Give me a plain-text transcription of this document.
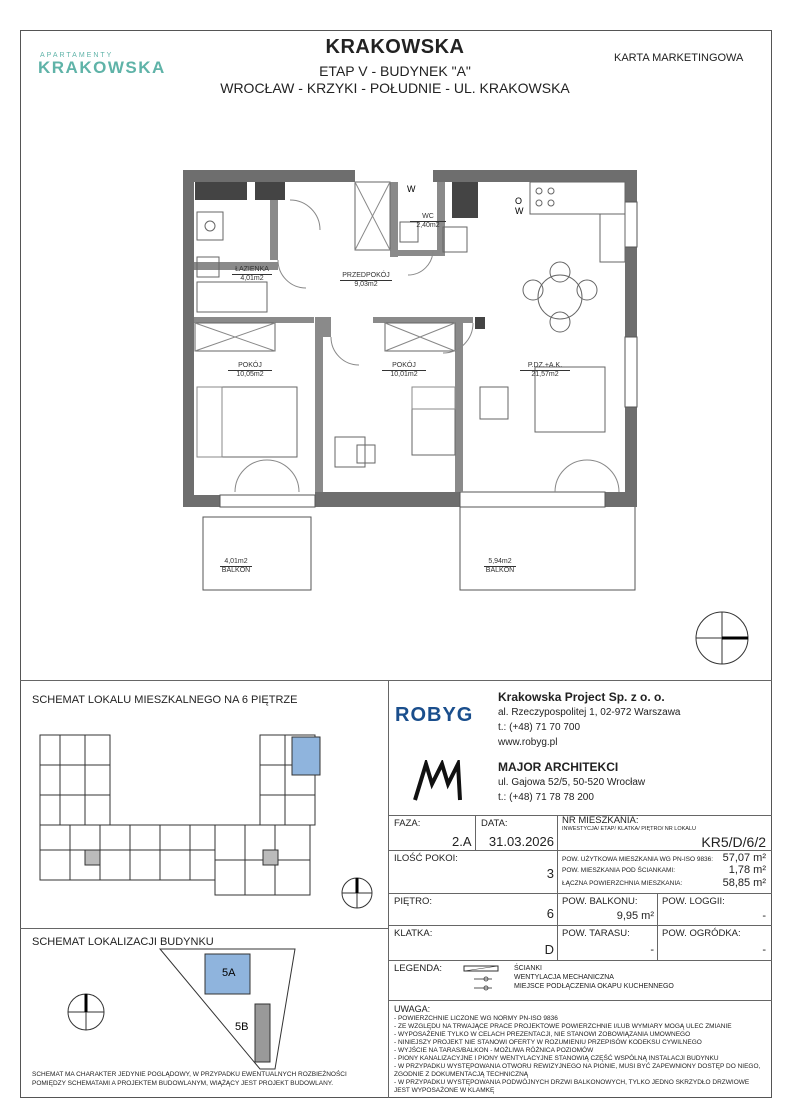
APARTAMENTY
KRAKOWSKA
KRAKOWSKA
ETAP V - BUDYNEK "A"
WROCŁAW - KRZYKI - POŁUDNIE - UL. KRAKOWSKA
KARTA MARKETINGOWA
W
O
W
ŁAZIENKA
4,01m2
WC
2,40m2
PRZEDPOKÓJ
9,03m2
POKÓJ
10,05m2
POKÓJ
10,01m2
P.DZ.+A.K.
21,57m2
4,01m2
BALKON
5,94m2
BALKON
SCHEMAT LOKALU MIESZKALNEGO NA 6 PIĘTRZE
SCHEMAT LOKALIZACJI BUDYNKU
5A
5B
SCHEMAT MA CHARAKTER JEDYNIE POGLĄDOWY, W PRZYPADKU EWENTUALNYCH ROZBIEŻNOŚCI POMIĘDZY SCHEMATAMI A PROJEKTEM BUDOWLANYM, WIĄŻĄCY JEST PROJEKT BUDOWLANY.
ROBYG
Krakowska Project Sp. z o. o.
al. Rzeczypospolitej 1, 02-972 Warszawa
t.: (+48) 71 70 700
www.robyg.pl
MAJOR ARCHITEKCI
ul. Gajowa 52/5, 50-520 Wrocław
t.: (+48) 71 78 78 200
FAZA:
2.A
DATA:
31.03.2026
NR MIESZKANIA:
INWESTYCJA/ ETAP/ KLATKA/ PIĘTRO/ NR LOKALU
KR5/D/6/2
ILOŚĆ POKOI:
3
POW. UŻYTKOWA MIESZKANIA WG PN-ISO 9836: 57,07 m²
POW. MIESZKANIA POD ŚCIANKAMI:	1,78 m²
ŁĄCZNA POWIERZCHNIA MIESZKANIA:	58,85 m²
PIĘTRO:
6
POW. BALKONU:
9,95 m²
POW. LOGGII:
-
KLATKA:
D
POW. TARASU:
-
POW. OGRÓDKA:
-
LEGENDA:	ŚCIANKI
WENTYLACJA MECHANICZNA
MIEJSCE PODŁĄCZENIA OKAPU KUCHENNEGO
UWAGA:
- POWIERZCHNIE LICZONE WG NORMY PN-ISO 9836
- ZE WZGLĘDU NA TRWAJĄCE PRACE PROJEKTOWE POWIERZCHNIE I/LUB WYMIARY MOGĄ ULEC ZMIANIE
- WYPOSAŻENIE TYLKO W CELACH PREZENTACJI, NIE STANOWI ZOBOWIĄZANIA UMOWNEGO
- NINIEJSZY PROJEKT NIE STANOWI OFERTY W ROZUMIENIU PRZEPISÓW KODEKSU CYWILNEGO
- WYJŚCIE NA TARAS/BALKON - MOŻLIWA RÓŻNICA POZIOMÓW
- PIONY KANALIZACYJNE I PIONY WENTYLACYJNE STANOWIĄ CZĘŚĆ WSPÓLNĄ INSTALACJI BUDYNKU
- W PRZYPADKU WYSTĘPOWANIA OTWORU REWIZYJNEGO NA PIONIE, MUSI BYĆ ZAPEWNIONY DOSTĘP DO NIEGO, ZGODNIE Z DOKUMENTACJĄ TECHNICZNĄ
- W PRZYPADKU WYSTĘPOWANIA PODWÓJNYCH DRZWI BALKONOWYCH, TYLKO JEDNO SKRZYDŁO DRZWIOWE JEST WYPOSAŻONE W KLAMKĘ
